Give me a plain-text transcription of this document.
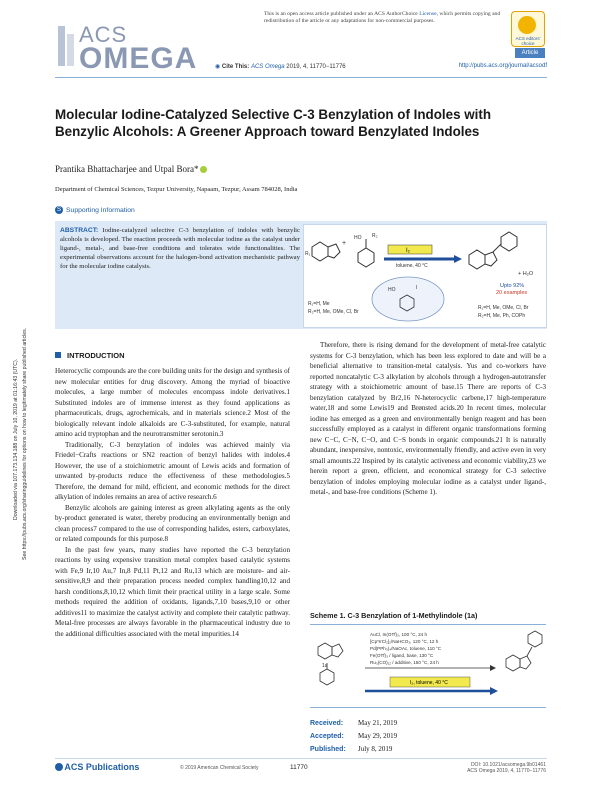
This is an open access article published under an ACS AuthorChoice License, which permits copying and redistribution of the article or any adaptations for non-commercial purposes.
ACS
OMEGA
ACS editors' choice
Article
◉ Cite This: ACS Omega 2019, 4, 11770−11776	http://pubs.acs.org/journal/acsodf
Downloaded via 107.173.134.188 on July 10, 2019 at 01:16:43 (UTC). See https://pubs.acs.org/sharingguidelines for options on how to legitimately share published articles.
Molecular Iodine-Catalyzed Selective C-3 Benzylation of Indoles with Benzylic Alcohols: A Greener Approach toward Benzylated Indoles
Prantika Bhattacharjee and Utpal Bora*
Department of Chemical Sciences, Tezpur University, Napaam, Tezpur, Assam 784028, India
S Supporting Information
ABSTRACT: Iodine-catalyzed selective C-3 benzylation of indoles with benzylic alcohols is developed. The reaction proceeds with molecular iodine as the catalyst under ligand-, metal-, and base-free conditions and tolerates wide functionalities. The experimental observations account for the halogen-bond activation mechanistic pathway for the molecular iodine catalysis.
R₁
+
HO R₂
I₂
toluene, 40 °C
+ H₂O
Upto 92%
20 examples
HO	I
R₁=H, Me
R₂=H, Me, OMe, Cl, Br
R₁=H, Me, OMe, Cl, Br
R₂=H, Me, Ph, COPh
INTRODUCTION

Heterocyclic compounds are the core building units for the design and synthesis of new molecular entities for drug discovery. Among the myriad of bioactive molecules, a large number of molecules encompass indole derivatives.1 Substituted indoles are of immense interest as they found applications as pharmaceuticals, drugs, agrochemicals, and in materials science.2 Most of the biologically relevant indole alkaloids are C-3-substituted, for example, natural amino acid tryptophan and the neurotransmitter serotonin.3

Traditionally, C-3 benzylation of indoles was achieved mainly via Friedel−Crafts reactions or SN2 reaction of benzyl halides with indoles.4 However, the use of a stoichiometric amount of Lewis acids and formation of unwanted by-products reduce the effectiveness of these methodologies.5 Therefore, the demand for mild, efficient, and economic methods for the direct alkylation of indoles remains an area of active research.6

Benzylic alcohols are gaining interest as green alkylating agents as the only by-product generated is water, thereby producing an environmentally benign and clean process7 compared to the use of corresponding halides, esters, carboxylates, or related compounds for this purpose.8

In the past few years, many studies have reported the C-3 benzylation reactions by using expensive transition metal complex based catalytic systems with Fe,9 Ir,10 Au,7 In,8 Pd,11 Pt,12 and Ru,13 which are moisture- and air-sensitive,8,9 and their preparation process needed complex handling10,12 and harsh conditions,8,10,12 which limit their practical utility in a large scale. Some methods required the addition of oxidants, ligands,7,10 bases,9,10 or other additives11 to maximize the catalyst activity and complete their catalytic pathway. Metal-free processes are always favorable in the pharmaceutical industry due to the additional difficulties associated with the metal impurities.14

Therefore, there is rising demand for the development of metal-free catalytic systems for C-3 benzylation, which has been less explored to date and will be a beneficial alternative to transition-metal catalysis. Yus and co-workers have reported noncatalytic C-3 alkylation by alcohols through a hydrogen-autotransfer strategy with a stoichiometric amount of base.15 There are reports of C-3 benzylation catalyzed by Br2,16 N-heterocyclic carbene,17 high-temperature water,18 and some Lewis19 and Brønsted acids.20 In recent times, molecular iodine has emerged as a green and environmentally benign reagent and has been successfully employed as a catalyst in different organic transformations forming new C−C, C−N, C−O, and C−S bonds in organic compounds.21 It is naturally abundant, inexpensive, nontoxic, environmentally friendly, and active even in very small amounts.22 Inspired by its catalytic activeness and economic viability,23 we herein report a green, efficient, and economical strategy for C-3 selective benzylation of indoles employing molecular iodine as a catalyst under ligand-, metal-, and base-free conditions (Scheme 1).

Scheme 1. C-3 Benzylation of 1-Methylindole (1a)
1a
AuCl, In(OTf)₃, 100 °C, 24 h
[Cp*IrCl₂]₂/NaHCO₃, 120 °C, 12 h
Pd(PPh₃)₄/NaOAc, toluene, 110 °C
Fe(OTf)₃ / ligand, base, 130 °C
Ru₃(CO)₁₂ / additive, 150 °C, 24 h
I₂, toluene, 40 °C
Received: May 21, 2019
Accepted: May 29, 2019
Published: July 8, 2019
ACS Publications	© 2019 American Chemical Society	11770	DOI: 10.1021/acsomega.9b01461
ACS Omega 2019, 4, 11770−11776
